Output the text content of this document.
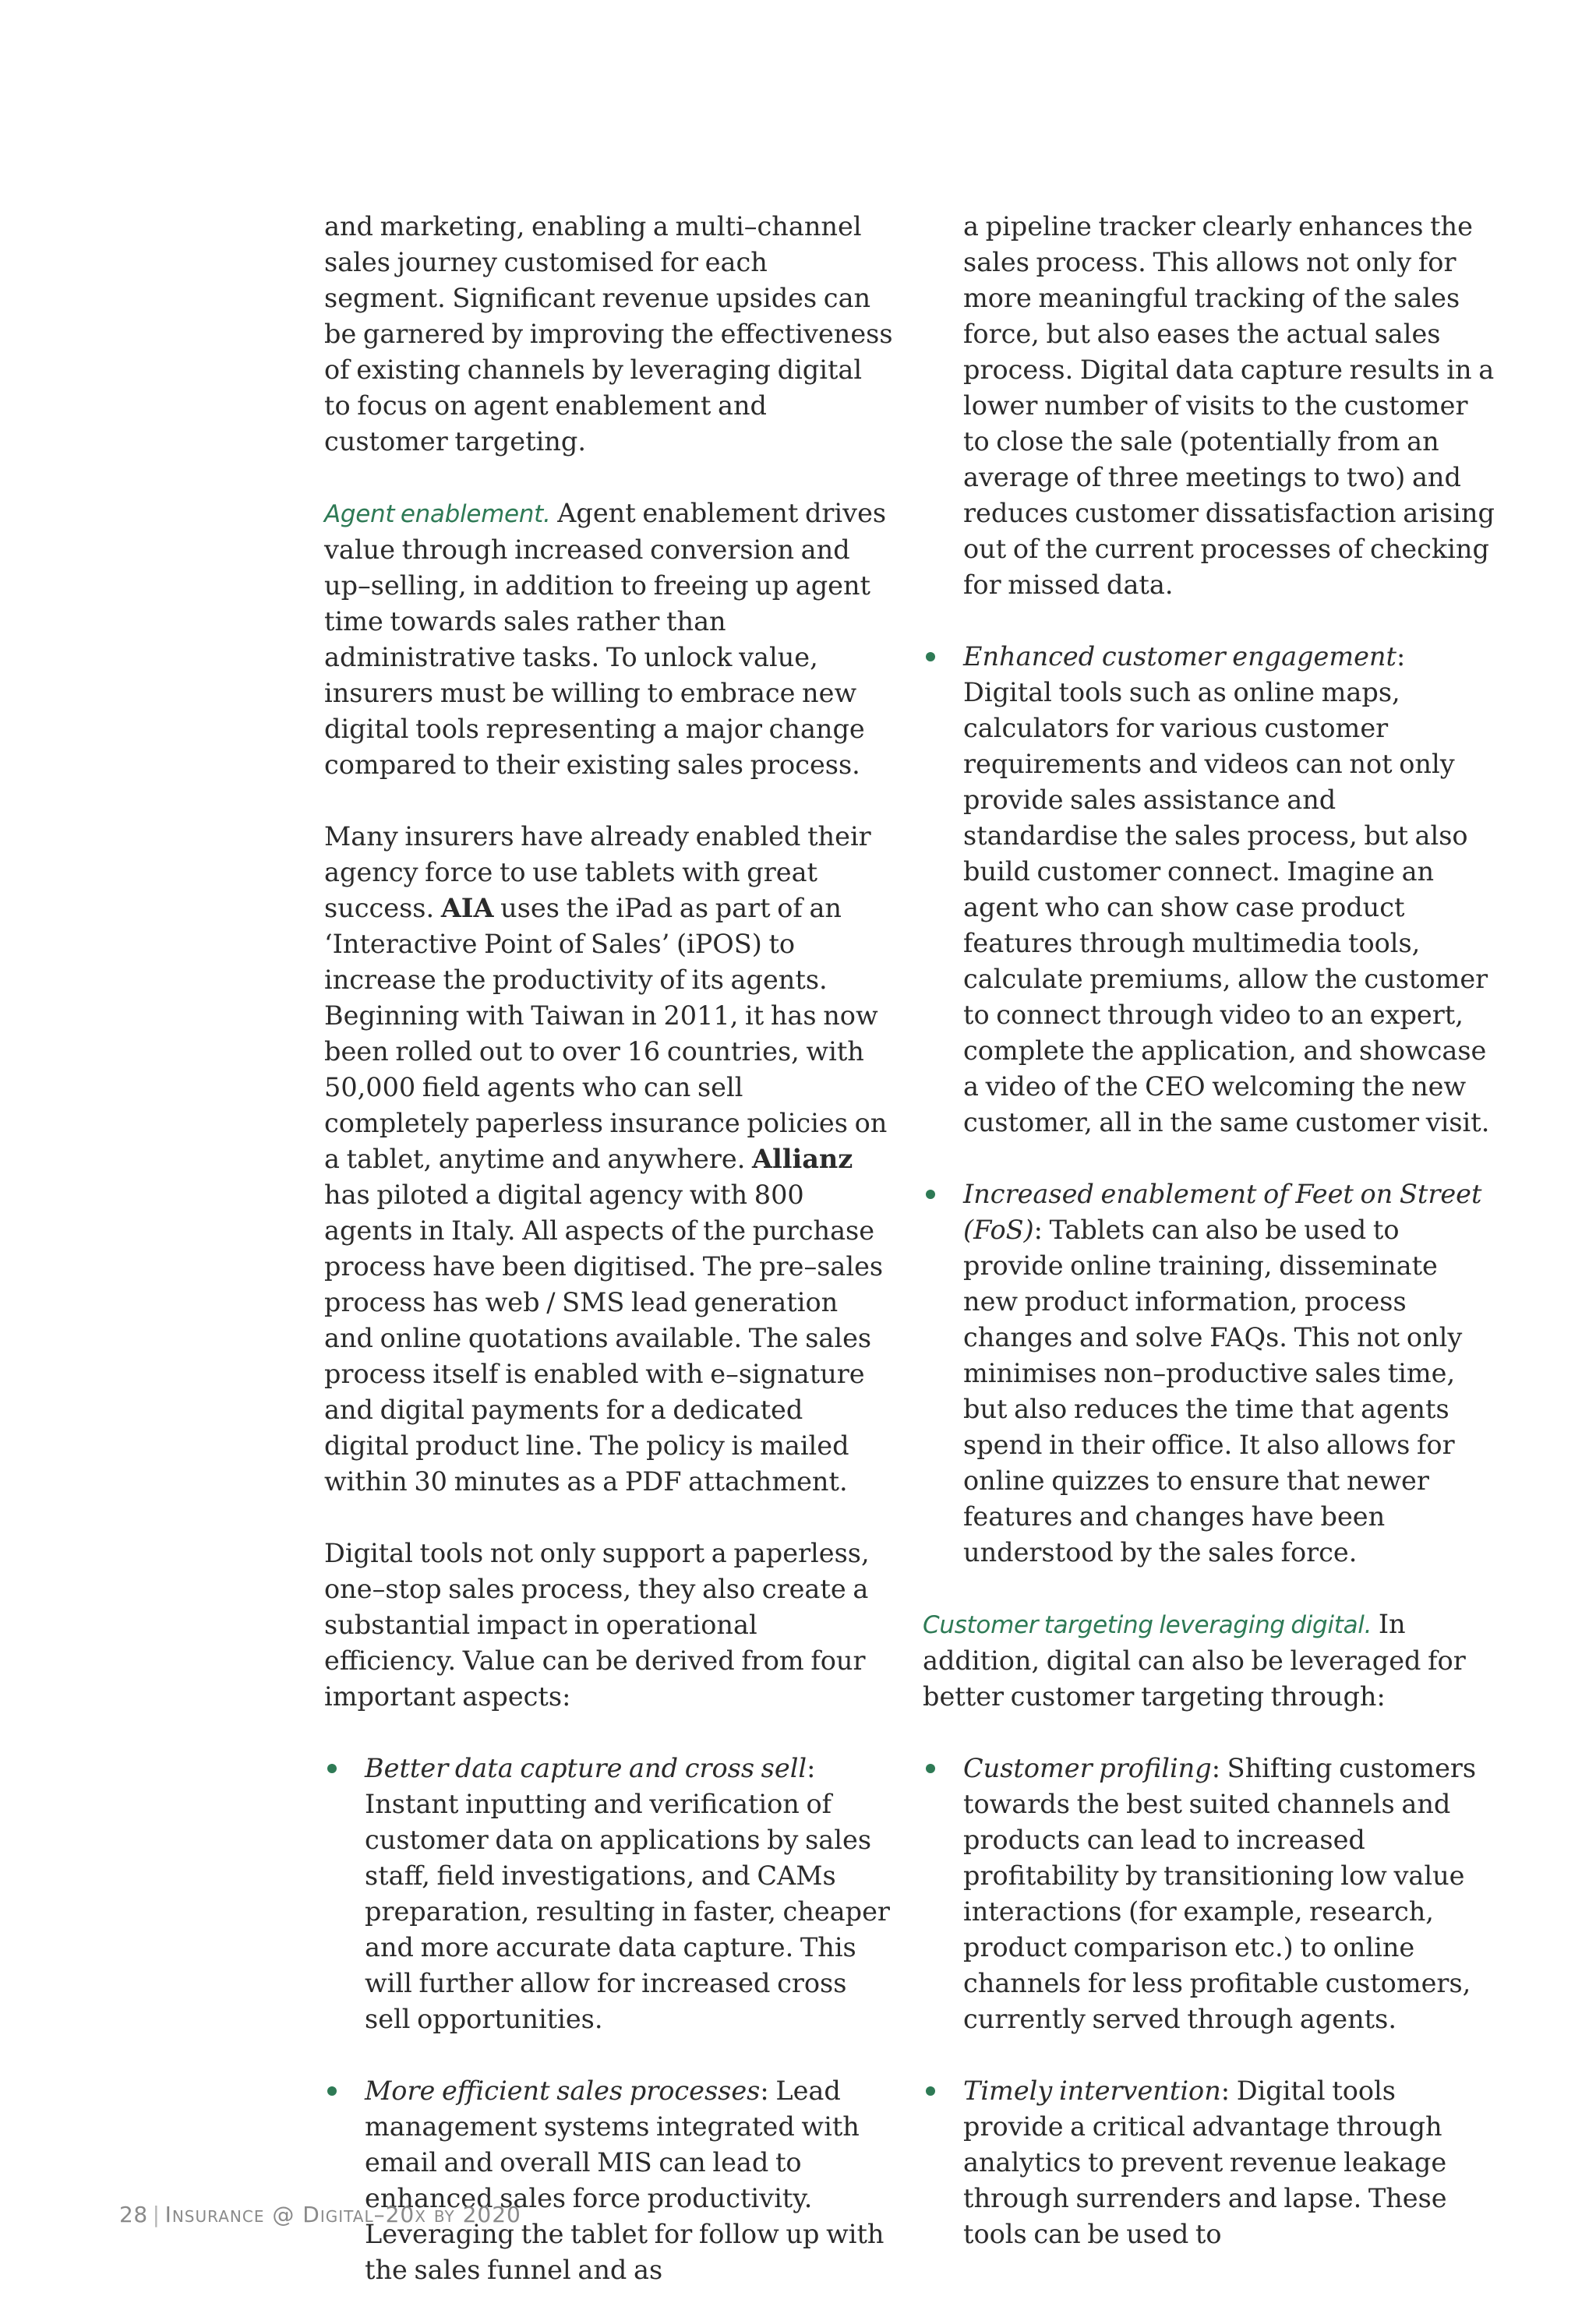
and marketing, enabling a multi–channel sales journey customised for each segment. Significant revenue upsides can be garnered by improving the effectiveness of existing channels by leveraging digital to focus on agent enablement and customer targeting.

Agent enablement. Agent enablement drives value through increased conversion and up–selling, in addition to freeing up agent time towards sales rather than administrative tasks. To unlock value, insurers must be willing to embrace new digital tools representing a major change compared to their existing sales process.

Many insurers have already enabled their agency force to use tablets with great success. AIA uses the iPad as part of an ‘Interactive Point of Sales’ (iPOS) to increase the productivity of its agents. Beginning with Taiwan in 2011, it has now been rolled out to over 16 countries, with 50,000 field agents who can sell completely paperless insurance policies on a tablet, anytime and anywhere. Allianz has piloted a digital agency with 800 agents in Italy. All aspects of the purchase process have been digitised. The pre–sales process has web / SMS lead generation and online quotations available. The sales process itself is enabled with e–signature and digital payments for a dedicated digital product line. The policy is mailed within 30 minutes as a PDF attachment.

Digital tools not only support a paperless, one–stop sales process, they also create a substantial impact in operational efficiency. Value can be derived from four important aspects:

Better data capture and cross sell: Instant inputting and verification of customer data on applications by sales staff, field investigations, and CAMs preparation, resulting in faster, cheaper and more accurate data capture. This will further allow for increased cross sell opportunities.
More efficient sales processes: Lead management systems integrated with email and overall MIS can lead to enhanced sales force productivity. Leveraging the tablet for follow up with the sales funnel and as

a pipeline tracker clearly enhances the sales process. This allows not only for more meaningful tracking of the sales force, but also eases the actual sales process. Digital data capture results in a lower number of visits to the customer to close the sale (potentially from an average of three meetings to two) and reduces customer dissatisfaction arising out of the current processes of checking for missed data.

Enhanced customer engagement: Digital tools such as online maps, calculators for various customer requirements and videos can not only provide sales assistance and standardise the sales process, but also build customer connect. Imagine an agent who can show case product features through multimedia tools, calculate premiums, allow the customer to connect through video to an expert, complete the application, and showcase a video of the CEO welcoming the new customer, all in the same customer visit.
Increased enablement of Feet on Street (FoS): Tablets can also be used to provide online training, disseminate new product information, process changes and solve FAQs. This not only minimises non–productive sales time, but also reduces the time that agents spend in their office. It also allows for online quizzes to ensure that newer features and changes have been understood by the sales force.

Customer targeting leveraging digital. In addition, digital can also be leveraged for better customer targeting through:

Customer profiling: Shifting customers towards the best suited channels and products can lead to increased profitability by transitioning low value interactions (for example, research, product comparison etc.) to online channels for less profitable customers, currently served through agents.
Timely intervention: Digital tools provide a critical advantage through analytics to prevent revenue leakage through surrenders and lapse. These tools can be used to
28 | Insurance @ Digital–20x by 2020
